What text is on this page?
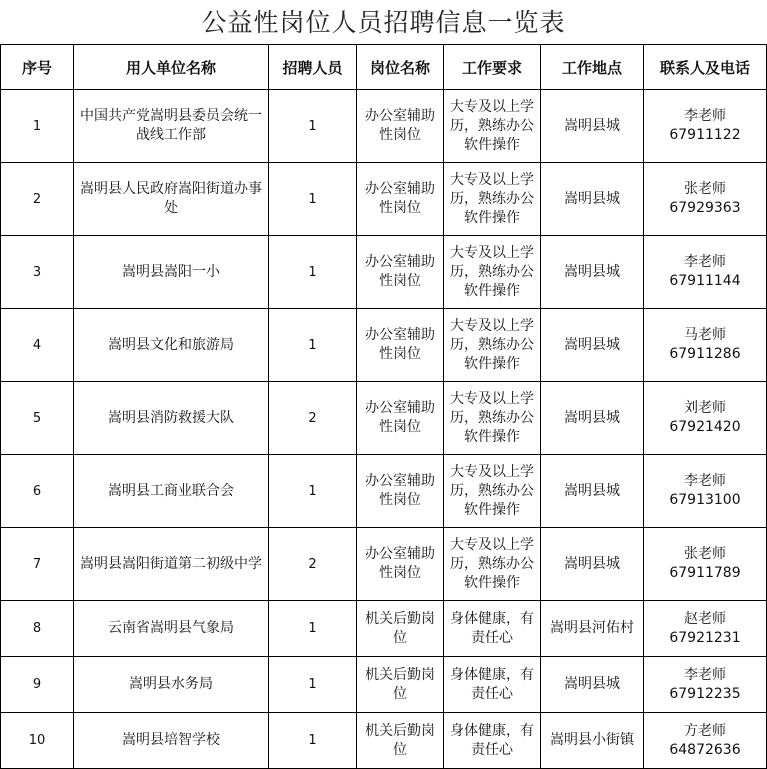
公益性岗位人员招聘信息一览表
序号	用人单位名称	招聘人员	岗位名称	工作要求	工作地点	联系人及电话
1	中国共产党嵩明县委员会统一战线工作部	1	办公室辅助性岗位	大专及以上学历，熟练办公软件操作	嵩明县城	李老师
67911122

2	嵩明县人民政府嵩阳街道办事处	1	办公室辅助性岗位	大专及以上学历，熟练办公软件操作	嵩明县城	张老师
67929363

3	嵩明县嵩阳一小	1	办公室辅助性岗位	大专及以上学历，熟练办公软件操作	嵩明县城	李老师
67911144

4	嵩明县文化和旅游局	1	办公室辅助性岗位	大专及以上学历，熟练办公软件操作	嵩明县城	马老师
67911286

5	嵩明县消防救援大队	2	办公室辅助性岗位	大专及以上学历，熟练办公软件操作	嵩明县城	刘老师
67921420

6	嵩明县工商业联合会	1	办公室辅助性岗位	大专及以上学历，熟练办公软件操作	嵩明县城	李老师
67913100

7	嵩明县嵩阳街道第二初级中学	2	办公室辅助性岗位	大专及以上学历，熟练办公软件操作	嵩明县城	张老师
67911789

8	云南省嵩明县气象局	1	机关后勤岗位	身体健康，有责任心	嵩明县河佑村	赵老师
67921231

9	嵩明县水务局	1	机关后勤岗位	身体健康，有责任心	嵩明县城	李老师
67912235

10	嵩明县培智学校	1	机关后勤岗位	身体健康，有责任心	嵩明县小街镇	方老师
64872636
